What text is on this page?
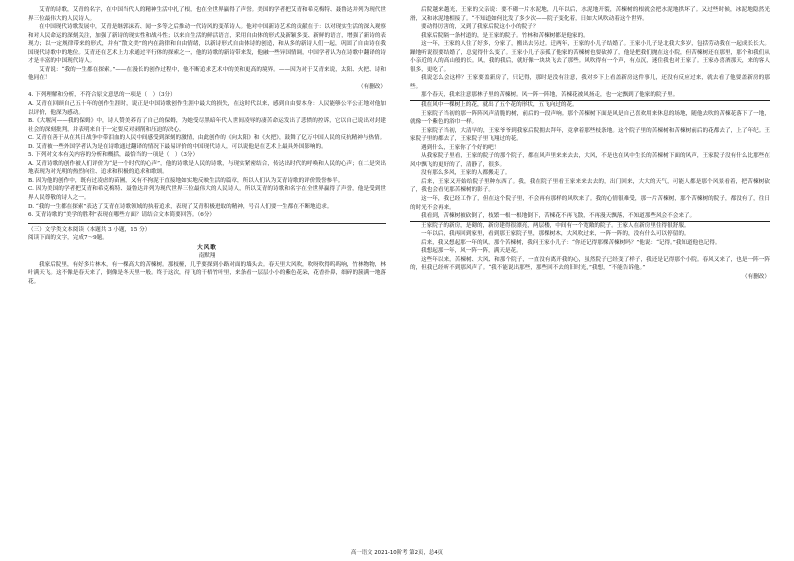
艾青的诗歌，艾青的名字，在中国当代人的精神生活中扎了根，也在全世界赢得了声誉。美国的学者把艾青和希克梅特、聂鲁达并列为现代世界三位最伟大的人民诗人。

在中国现代诗歌发展中，艾青是继郭沫若、闻一多等之后推动一代诗风的变革诗人。他对中国新诗艺术的贡献在于：以对现实生活的深入观察和对人民命运的深刻关注，加强了新诗的现实性和战斗性；以来自生活的鲜活语言，采用自由体的形式及新颖多变、新鲜的语言，增强了新诗的表现力；以一定规律带来的形式，并有“散文美”的内在韵律和自由情绪，以新诗形式自由体诗的创造，和从多的新诗人们一起，巩固了自由诗在我国现代诗歌中的地位。艾青还在艺术上力求通过平行体的探索之一，他的诗歌的新诗带来发，他融一些异国情调，中国学者认为在诗歌中翻译的诗才是丰富的中国现代诗人。

艾青说：“我的一生都在探索。”——在漫长的创作过程中，他不断追求艺术中的美和更高的境界。——因为对于艾青来说，太阳、火把、诗和他同在！

（有删改）

4. 下列理解和分析，不符合原文意思的一项是（　）（3分）

A. 艾青在回顾自己五十年的创作生涯时，说正是中国诗歌创作生涯中最大的损失，在这时代以来，感到自由要本身：人民能够公平公正地对他加以评价，他深为感动。

B.《大堰河——我的保姆》中，诗人赞美养育了自己的保姆，为她受尽黑暗年代人世间凌辱的凄苦命运发出了悲愤的控诉，它以自己说出对封建社会的深刻批判，并表明来自于一定要反对剥削和压迫的决心。

C. 艾青在善于从在其日战争中带泪血的人民中间感受到深刻的激情，由此创作的《向太阳》和《火把》，鼓舞了亿万中国人民的反抗精神与热情。

D. 艾青被一些外国学者认为是在诗歌通过翻译的情况下最易评价的中国现代诗人，可以说他是在艺术上最具外国影响的。

5. 下列对文本有关内容的分析和概括，最恰当的一项是（　）（3分）

A. 艾青诗歌的创作被人们评价为“是一个时代的心声”，他的诗歌是人民的诗歌，与现实紧密结合，传达出时代的呼唤和人民的心声；在二是突出地表现为对光明的热烈向往、追求和积极的追求和歌颂。

B. 因为他的创作中，既有过凌虐的苗圃，又有不拘泥于直接地如实地反映生活的篇章，所以人们认为艾青诗歌的评价毁誉参半。

C. 因为美国的学者把艾青和希克梅特、聂鲁达并列为现代世界三位最伟大的人民诗人，所以艾青的诗歌和名字在全世界赢得了声誉，他是受到世界人民尊敬的诗人之一。

D. “我的一生都在探索”表达了艾青在诗歌领域的执着追求，表现了艾青积极进取的精神，号召人们要一生都在不断地追求。

6. 艾青诗歌的“美学的胜利”表现在哪些方面？请结合文本简要回答。（6分）

（三）文学类文本阅读（本题共 3 小题，15 分）

阅读下面的文字，完成7～9题。

大风歌

南默翔

我家后院里，有好多片林木，有一棵高大的苦楝树。那枝桠，几乎要探到小路对面的墙头去。春天里大风吹，吹呀吹得呜呜响，竹林物物，林叶满天飞。这不像是春天来了，倒像是冬天里一般。终于这次，待飞的干梧竹叶里，来条看一层层小小的紫色花朵，花香扑鼻，细碎的簇满一地落花。

后院越来越光，王家的父亲说：要不砌一片水泥地，几年以后，水泥地开裂，苦楝树的根就会把水泥地拱坏了。又过些时候，冰泥地隐然光滑，又和冰泥地相接了。“不知道如何比发了多少次——院子变化着，日如大风吹动着这个世界。

要动得厉害的，又到了我家后院这小小的院子？

我家后院隔一条村道的，是王家的院子。竹林和苦楝树都是他家的。

这一年，王家的人住了好多，分家了，搬出去另过。迁两年，王家的小儿子结婚了。王家小儿子是北我大多岁，包括劳动我在一起成长长大。躁地听说很要结婚了，总觉得什么变了。王家小儿子亲孤了他家的苦楝树也要砍掉了，他是把我们抛在这小院，但苦楝树还在那里，那个和我们从小亲近的人的高山般的长。风，我的我后，就好像一块块飞去了那些。风吹得有一个声，有点沉，迷住我也对王家了。王家办喜酒那天，来的客人很多，更吃了。

我说怎么会这样？王家要盖新房了，只记得，那时是没有注意，我对乡下上看盖新房这件事儿，还没有反应过来，就去看了他要盖新房的那些。

那个春天，我来注意那林子里的苦楝树。风一阵一阵地，苦楝花被风扬走，也一定飘到了他家的院子里。

我在风中一棵树上的花，就出了五个花的形状，五飞向过的花。

王家院子当初的那一阵阵风声清脆的树，前后的一段声响。那个苦楝树下面是风是自己喜欢用来休息的场地，随他去吹的苦楝花落下了一地，就像一个紫色的浴巾一样。

王家院子当初，大清早的，王家爷爷到我家后院拥去拜年，竟拿着那些枝条地。这个院子里的苦楝树和苦楝树前后的花都去了，上了年纪。王家院子里的都去了，王家院子里飞翔过的花。

遇到什么，王家你了个好的吧！

从我家院子里看，王家的院子的那个院子，都在风声里来来去去，大风，不是也在风中生长的苦楝树下面的风声，王家院子没有什么比那些在风中飘飞的更好的了，清静了，很多。

没有那么多风，王家的人都搬走了。

后来，王家又开始给院子里种东西了。我，我在院子里看王家来来去去的，出门回来，大大的天气，可能人都是那个风景看着，把苦楝树砍了，我也会看见那苦楝树的影子。

这一年，我已经工作了，但在这个院子里，不会再有那样的风吹来了。我的心情很难受，那一片苦楝树，那个苦楝树的院子，都没有了，往日的时光不会再来。

我看到，苦楝树被砍倒了，枝繁一根一根地倒下，苦楝花不再飞散，不再漫天飘落，不知道那些风会不会来了。

王家院子的新房，是砌的，新房建得很漂亮，两层楼，中间有一个宽敞的院子。王家人在新房里住得很舒服。

一年以后，我再回到家里，看到那王家院子里，那棵树木，大风吹过来，一阵一阵的，没有什么可以停留的。

后来，我又想起那一年的风，那个苦楝树，我问王家小儿子：“你还记得那棵苦楝树吗？”他说：“记得。”我知道他也记得。

我想起那一年，风一阵一阵，满天是花。

这些年以来，苦楝树、大风、和那个院子，一直没有离开我的心，虽然院子已经变了样子，我还是记得那个小院。春风又来了，也是一阵一阵的，但我已经听不到那风声了。“我不能说出那些，那些回不去的旧时光，”我想，“不能告诉他。”

（有删改）

高一语文 2021-10阶考 第2页，总4页
